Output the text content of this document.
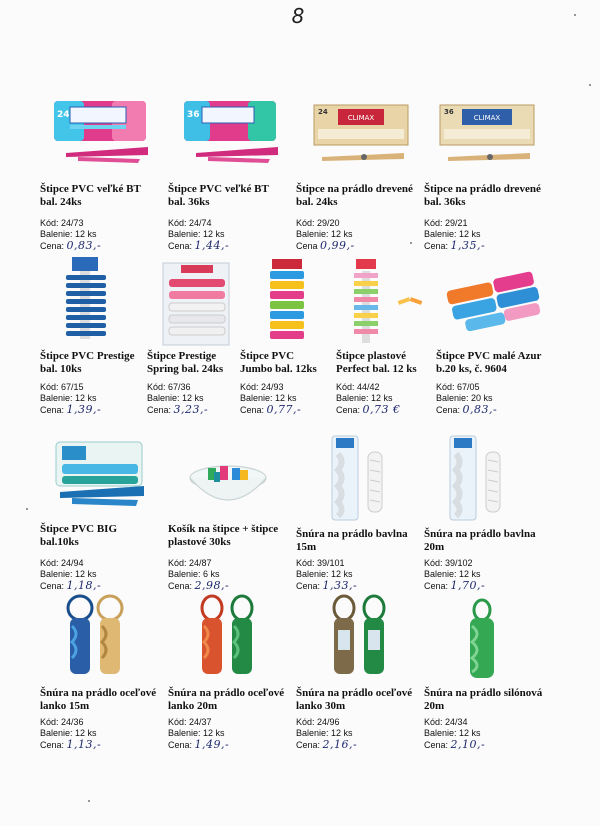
8
24
Štipce PVC veľké BT
bal. 24ks
Kód: 24/73
Balenie: 12 ks
Cena: 0,83,-
36
Štipce PVC veľké BT
bal. 36ks
Kód: 24/74
Balenie: 12 ks
Cena: 1,44,-
CLIMAX
24
Štipce na prádlo drevené
bal. 24ks
Kód: 29/20
Balenie: 12 ks
Cena 0,99,-
CLIMAX
36
Štipce na prádlo drevené
bal. 36ks
Kód: 29/21
Balenie: 12 ks
Cena: 1,35,-
Štipce PVC Prestige
bal. 10ks
Kód: 67/15
Balenie: 12 ks
Cena: 1,39,-
Štipce Prestige
Spring bal. 24ks
Kód: 67/36
Balenie: 12 ks
Cena: 3,23,-
Štipce PVC
Jumbo bal. 12ks
Kód: 24/93
Balenie: 12 ks
Cena: 0,77,-
Štipce plastové
Perfect bal. 12 ks
Kód: 44/42
Balenie: 12 ks
Cena: 0,73 €
Štipce PVC malé Azur
b.20 ks, č. 9604
Kód: 67/05
Balenie: 20 ks
Cena: 0,83,-
Štipce PVC BIG
bal.10ks
Kód: 24/94
Balenie: 12 ks
Cena: 1,18,-
Košík na štipce + štipce
plastové 30ks
Kód: 24/87
Balenie: 6 ks
Cena: 2,98,-
Šnúra na prádlo bavlna
15m
Kód: 39/101
Balenie: 12 ks
Cena: 1,33,-
Šnúra na prádlo bavlna
20m
Kód: 39/102
Balenie: 12 ks
Cena: 1,70,-
Šnúra na prádlo oceľové
lanko 15m
Kód: 24/36
Balenie: 12 ks
Cena: 1,13,-
Šnúra na prádlo oceľové
lanko 20m
Kód: 24/37
Balenie: 12 ks
Cena: 1,49,-
Šnúra na prádlo oceľové
lanko 30m
Kód: 24/96
Balenie: 12 ks
Cena: 2,16,-
Šnúra na prádlo silónová
20m
Kód: 24/34
Balenie: 12 ks
Cena: 2,10,-
